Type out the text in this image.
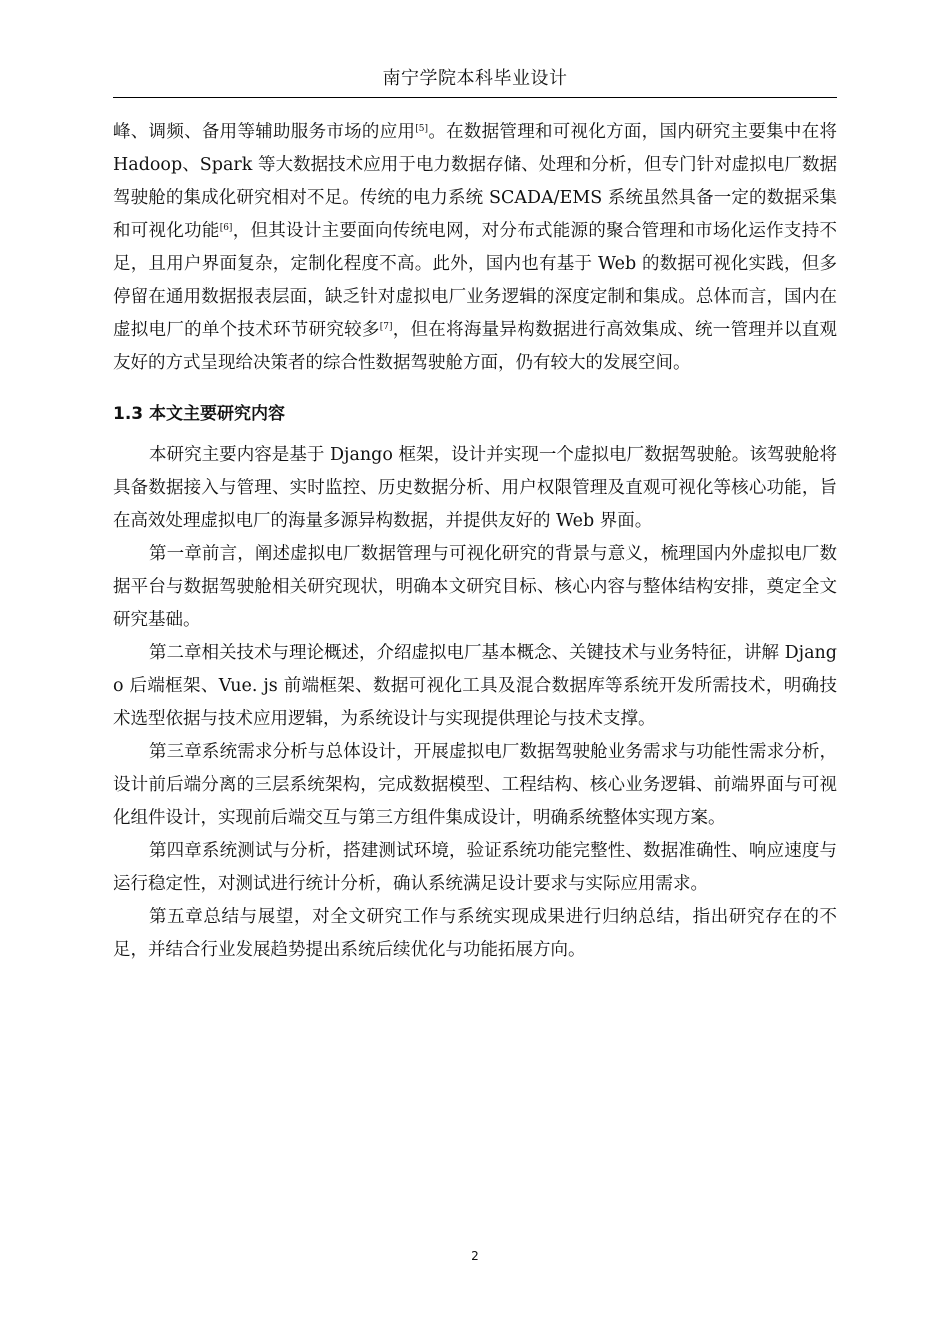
南宁学院本科毕业设计

峰、调频、备用等辅助服务市场的应用[5]。在数据管理和可视化方面，国内研究主要集中在将 Hadoop、Spark 等大数据技术应用于电力数据存储、处理和分析，但专门针对虚拟电厂数据驾驶舱的集成化研究相对不足。传统的电力系统 SCADA/EMS 系统虽然具备一定的数据采集和可视化功能[6]，但其设计主要面向传统电网，对分布式能源的聚合管理和市场化运作支持不足，且用户界面复杂，定制化程度不高。此外，国内也有基于 Web 的数据可视化实践，但多停留在通用数据报表层面，缺乏针对虚拟电厂业务逻辑的深度定制和集成。总体而言，国内在虚拟电厂的单个技术环节研究较多[7]，但在将海量异构数据进行高效集成、统一管理并以直观友好的方式呈现给决策者的综合性数据驾驶舱方面，仍有较大的发展空间。

1.3 本文主要研究内容

本研究主要内容是基于 Django 框架，设计并实现一个虚拟电厂数据驾驶舱。该驾驶舱将具备数据接入与管理、实时监控、历史数据分析、用户权限管理及直观可视化等核心功能，旨在高效处理虚拟电厂的海量多源异构数据，并提供友好的 Web 界面。

第一章前言，阐述虚拟电厂数据管理与可视化研究的背景与意义，梳理国内外虚拟电厂数据平台与数据驾驶舱相关研究现状，明确本文研究目标、核心内容与整体结构安排，奠定全文研究基础。

第二章相关技术与理论概述，介绍虚拟电厂基本概念、关键技术与业务特征，讲解 Django 后端框架、Vue. js 前端框架、数据可视化工具及混合数据库等系统开发所需技术，明确技术选型依据与技术应用逻辑，为系统设计与实现提供理论与技术支撑。

第三章系统需求分析与总体设计，开展虚拟电厂数据驾驶舱业务需求与功能性需求分析，设计前后端分离的三层系统架构，完成数据模型、工程结构、核心业务逻辑、前端界面与可视化组件设计，实现前后端交互与第三方组件集成设计，明确系统整体实现方案。

第四章系统测试与分析，搭建测试环境，验证系统功能完整性、数据准确性、响应速度与运行稳定性，对测试进行统计分析，确认系统满足设计要求与实际应用需求。

第五章总结与展望，对全文研究工作与系统实现成果进行归纳总结，指出研究存在的不足，并结合行业发展趋势提出系统后续优化与功能拓展方向。

2
